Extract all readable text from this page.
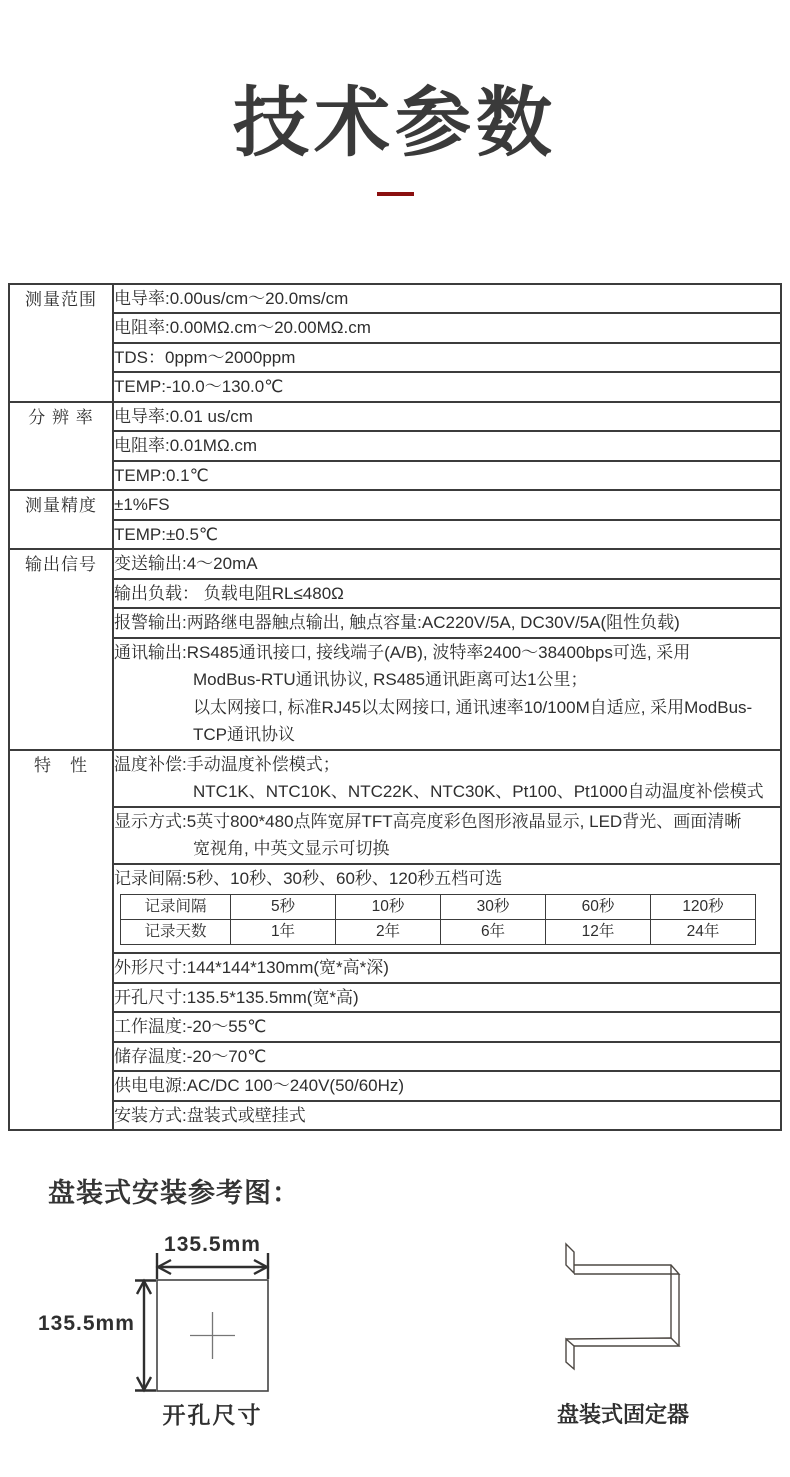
技术参数
测量范围	电导率:0.00us/cm～20.0ms/cm

电阻率:0.00MΩ.cm～20.00MΩ.cm

TDS：0ppm～2000ppm

TEMP:-10.0～130.0℃

分 辨 率	电导率:0.01 us/cm

电阻率:0.01MΩ.cm

TEMP:0.1℃

测量精度	±1%FS

TEMP:±0.5℃

输出信号	变送输出:4～20mA

输出负载： 负载电阻RL≤480Ω

报警输出:两路继电器触点输出, 触点容量:AC220V/5A, DC30V/5A(阻性负载)

通讯输出:RS485通讯接口, 接线端子(A/B), 波特率2400～38400bps可选, 采用
ModBus-RTU通讯协议, RS485通讯距离可达1公里；
以太网接口, 标准RJ45以太网接口, 通讯速率10/100M自适应, 采用ModBus-
TCP通讯协议

特　性	温度补偿:手动温度补偿模式；
NTC1K、NTC10K、NTC22K、NTC30K、Pt100、Pt1000自动温度补偿模式

显示方式:5英寸800*480点阵宽屏TFT高亮度彩色图形液晶显示, LED背光、画面清晰
宽视角, 中英文显示可切换

记录间隔:5秒、10秒、30秒、60秒、120秒五档可选
记录间隔	5秒	10秒	30秒	60秒	120秒
记录天数	1年	2年	6年	12年	24年

外形尺寸:144*144*130mm(宽*高*深)

开孔尺寸:135.5*135.5mm(宽*高)

工作温度:-20～55℃

储存温度:-20～70℃

供电电源:AC/DC 100～240V(50/60Hz)

安装方式:盘装式或壁挂式
盘装式安装参考图：
135.5mm
135.5mm
开孔尺寸	盘装式固定器
